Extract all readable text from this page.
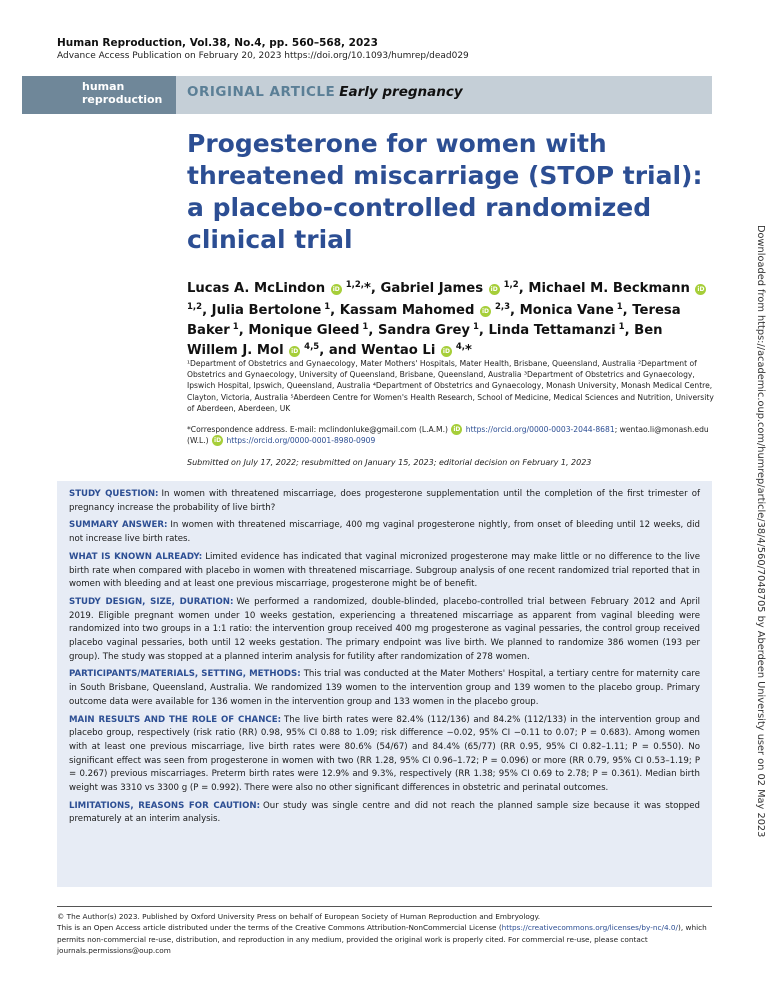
Human Reproduction, Vol.38, No.4, pp. 560–568, 2023
Advance Access Publication on February 20, 2023 https://doi.org/10.1093/humrep/dead029
human
reproduction ORIGINAL ARTICLE Early pregnancy
Progesterone for women with threatened miscarriage (STOP trial): a placebo-controlled randomized clinical trial
Lucas A. McLindon iD $^{1,2,}$*, Gabriel James iD $^{1,2}$, Michael M. Beckmann iD $^{1,2}$, Julia Bertolone $^1$, Kassam Mahomed iD $^{2,3}$, Monica Vane $^1$, Teresa Baker $^1$, Monique Gleed $^1$, Sandra Grey $^1$, Linda Tettamanzi $^1$, Ben Willem J. Mol iD $^{4,5}$, and Wentao Li iD $^{4,}$*
¹Department of Obstetrics and Gynaecology, Mater Mothers' Hospitals, Mater Health, Brisbane, Queensland, Australia ²Department of Obstetrics and Gynaecology, University of Queensland, Brisbane, Queensland, Australia ³Department of Obstetrics and Gynaecology, Ipswich Hospital, Ipswich, Queensland, Australia ⁴Department of Obstetrics and Gynaecology, Monash University, Monash Medical Centre, Clayton, Victoria, Australia ⁵Aberdeen Centre for Women's Health Research, School of Medicine, Medical Sciences and Nutrition, University of Aberdeen, Aberdeen, UK
*Correspondence address. E-mail: mclindonluke@gmail.com (L.A.M.) iD https://orcid.org/0000-0003-2044-8681; wentao.li@monash.edu (W.L.) iD https://orcid.org/0000-0001-8980-0909
Submitted on July 17, 2022; resubmitted on January 15, 2023; editorial decision on February 1, 2023

STUDY QUESTION: In women with threatened miscarriage, does progesterone supplementation until the completion of the first trimester of pregnancy increase the probability of live birth?

SUMMARY ANSWER: In women with threatened miscarriage, 400 mg vaginal progesterone nightly, from onset of bleeding until 12 weeks, did not increase live birth rates.

WHAT IS KNOWN ALREADY: Limited evidence has indicated that vaginal micronized progesterone may make little or no difference to the live birth rate when compared with placebo in women with threatened miscarriage. Subgroup analysis of one recent randomized trial reported that in women with bleeding and at least one previous miscarriage, progesterone might be of benefit.

STUDY DESIGN, SIZE, DURATION: We performed a randomized, double-blinded, placebo-controlled trial between February 2012 and April 2019. Eligible pregnant women under 10 weeks gestation, experiencing a threatened miscarriage as apparent from vaginal bleeding were randomized into two groups in a 1:1 ratio: the intervention group received 400 mg progesterone as vaginal pessaries, the control group received placebo vaginal pessaries, both until 12 weeks gestation. The primary endpoint was live birth. We planned to randomize 386 women (193 per group). The study was stopped at a planned interim analysis for futility after randomization of 278 women.

PARTICIPANTS/MATERIALS, SETTING, METHODS: This trial was conducted at the Mater Mothers' Hospital, a tertiary centre for maternity care in South Brisbane, Queensland, Australia. We randomized 139 women to the intervention group and 139 women to the placebo group. Primary outcome data were available for 136 women in the intervention group and 133 women in the placebo group.

MAIN RESULTS AND THE ROLE OF CHANCE: The live birth rates were 82.4% (112/136) and 84.2% (112/133) in the intervention group and placebo group, respectively (risk ratio (RR) 0.98, 95% CI 0.88 to 1.09; risk difference −0.02, 95% CI −0.11 to 0.07; P = 0.683). Among women with at least one previous miscarriage, live birth rates were 80.6% (54/67) and 84.4% (65/77) (RR 0.95, 95% CI 0.82–1.11; P = 0.550). No significant effect was seen from progesterone in women with two (RR 1.28, 95% CI 0.96–1.72; P = 0.096) or more (RR 0.79, 95% CI 0.53–1.19; P = 0.267) previous miscarriages. Preterm birth rates were 12.9% and 9.3%, respectively (RR 1.38; 95% CI 0.69 to 2.78; P = 0.361). Median birth weight was 3310 vs 3300 g (P = 0.992). There were also no other significant differences in obstetric and perinatal outcomes.

LIMITATIONS, REASONS FOR CAUTION: Our study was single centre and did not reach the planned sample size because it was stopped prematurely at an interim analysis.

© The Author(s) 2023. Published by Oxford University Press on behalf of European Society of Human Reproduction and Embryology.
This is an Open Access article distributed under the terms of the Creative Commons Attribution-NonCommercial License (https://creativecommons.org/licenses/by-nc/4.0/), which permits non-commercial re-use, distribution, and reproduction in any medium, provided the original work is properly cited. For commercial re-use, please contact journals.permissions@oup.com
Downloaded from https://academic.oup.com/humrep/article/38/4/560/7048705 by Aberdeen University user on 02 May 2023
